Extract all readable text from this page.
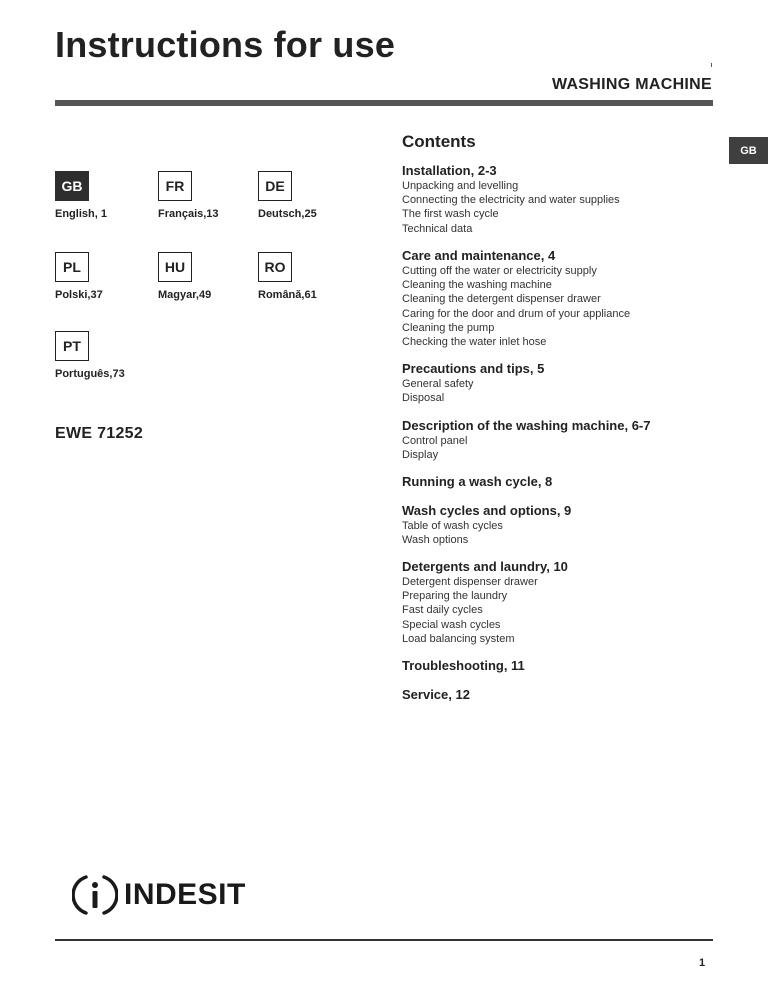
Instructions for use
WASHING MACHINE
GB
GB
English, 1
FR
Français,13
DE
Deutsch,25
PL
Polski,37
HU
Magyar,49
RO
Română,61
PT
Português,73
EWE 71252
Contents
Installation, 2-3
Unpacking and levelling
Connecting the electricity and water supplies
The first wash cycle
Technical data
Care and maintenance, 4
Cutting off the water or electricity supply
Cleaning the washing machine
Cleaning the detergent dispenser drawer
Caring for the door and drum of your appliance
Cleaning the pump
Checking the water inlet hose
Precautions and tips, 5
General safety
Disposal
Description of the washing machine, 6-7
Control panel
Display
Running a wash cycle, 8
Wash cycles and options, 9
Table of wash cycles
Wash options
Detergents and laundry, 10
Detergent dispenser drawer
Preparing the laundry
Fast daily cycles
Special wash cycles
Load balancing system
Troubleshooting, 11
Service, 12
INDESIT
1
